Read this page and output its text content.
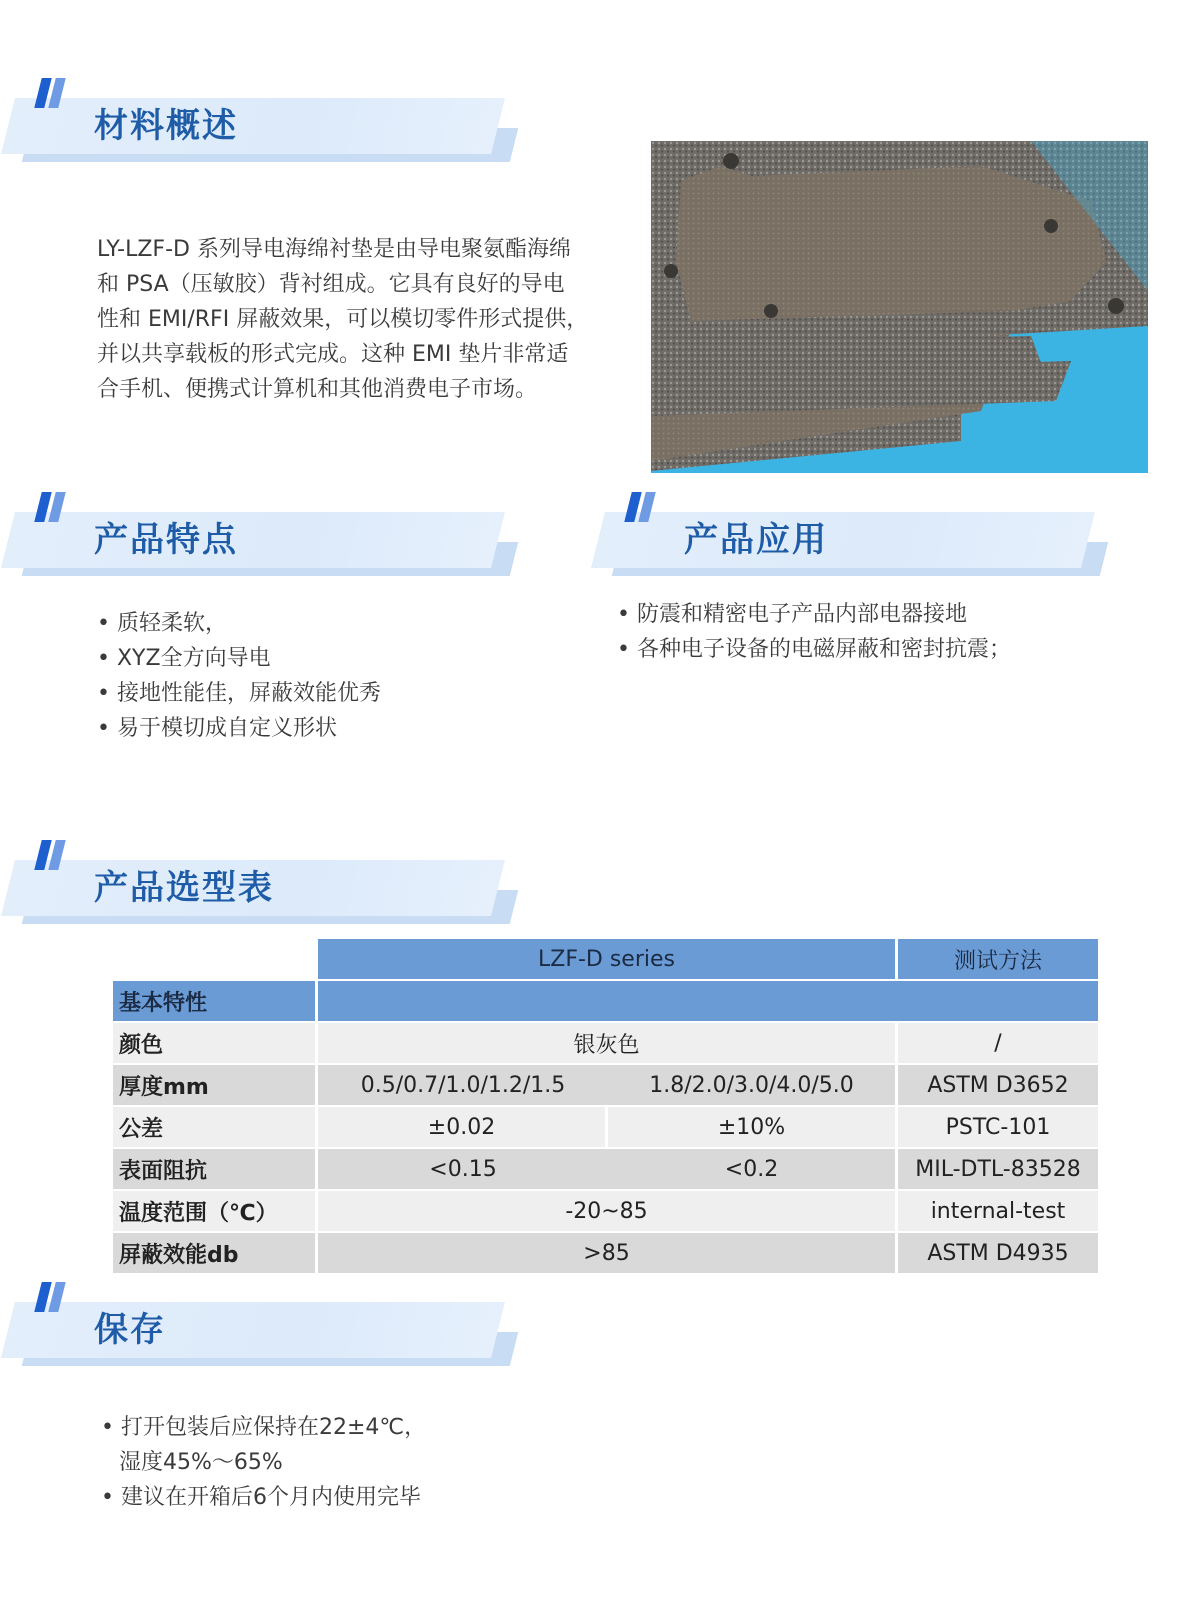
材料概述
LY-LZF-D 系列导电海绵衬垫是由导电聚氨酯海绵
和 PSA（压敏胶）背衬组成。它具有良好的导电
性和 EMI/RFI 屏蔽效果，可以模切零件形式提供，
并以共享载板的形式完成。这种 EMI 垫片非常适
合手机、便携式计算机和其他消费电子市场。
产品特点
• 质轻柔软，
• XYZ全方向导电
• 接地性能佳，屏蔽效能优秀
• 易于模切成自定义形状
产品应用
• 防震和精密电子产品内部电器接地
• 各种电子设备的电磁屏蔽和密封抗震；
产品选型表
LZF-D series	测试方法
基本特性
颜色	银灰色	/
厚度mm	0.5/0.7/1.0/1.2/1.5	1.8/2.0/3.0/4.0/5.0	ASTM D3652
公差	±0.02	±10%	PSTC-101
表面阻抗	<0.15	<0.2	MIL-DTL-83528
温度范围（℃）	-20~85	internal-test
屏蔽效能db	>85	ASTM D4935
保存
• 打开包装后应保持在22±4℃，
湿度45%～65%
• 建议在开箱后6个月内使用完毕
